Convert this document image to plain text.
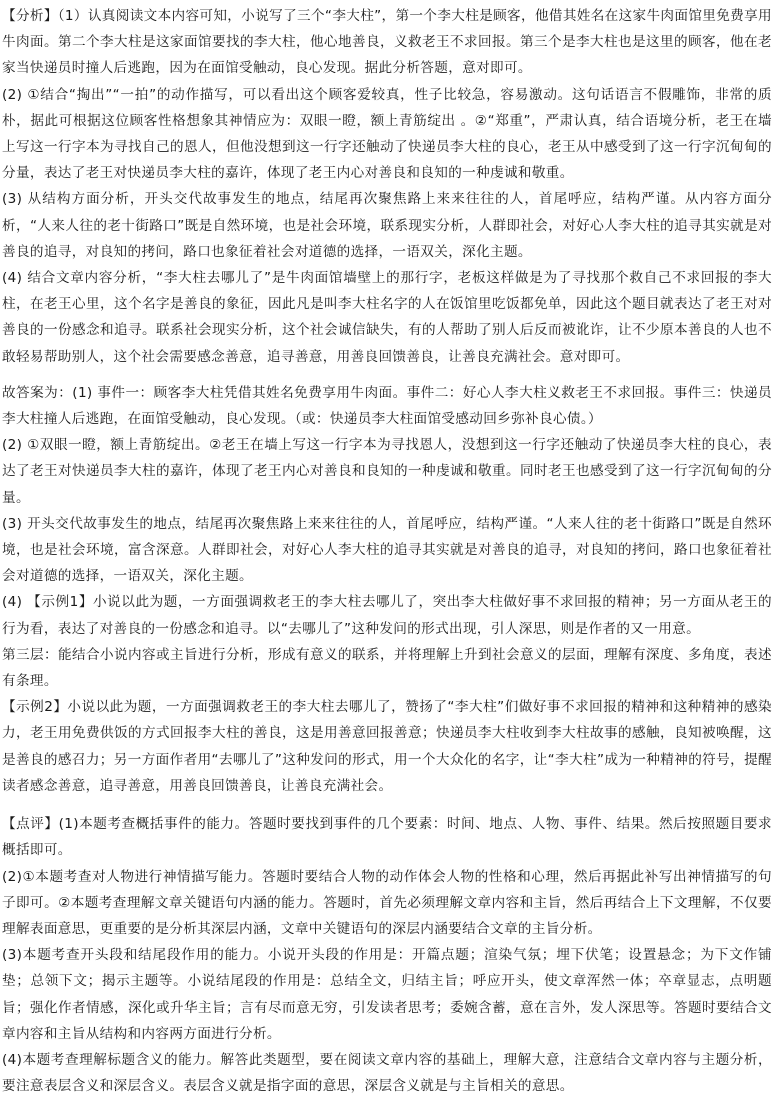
【分析】（1）认真阅读文本内容可知，小说写了三个“李大柱”，第一个李大柱是顾客，他借其姓名在这家牛肉面馆里免费享用牛肉面。第二个李大柱是这家面馆要找的李大柱，他心地善良，义救老王不求回报。第三个是李大柱也是这里的顾客，他在老家当快递员时撞人后逃跑，因为在面馆受触动，良心发现。据此分析答题，意对即可。

(2) ①结合“掏出”“一拍”的动作描写，可以看出这个顾客爱较真，性子比较急，容易激动。这句话语言不假雕饰，非常的质朴，据此可根据这位顾客性格想象其神情应为：双眼一瞪，额上青筋绽出 。②“郑重”，严肃认真，结合语境分析，老王在墙上写这一行字本为寻找自己的恩人，但他没想到这一行字还触动了快递员李大柱的良心，老王从中感受到了这一行字沉甸甸的分量，表达了老王对快递员李大柱的嘉许，体现了老王内心对善良和良知的一种虔诚和敬重。

(3) 从结构方面分析，开头交代故事发生的地点，结尾再次聚焦路上来来往往的人，首尾呼应，结构严谨。从内容方面分析，“人来人往的老十街路口”既是自然环境，也是社会环境，联系现实分析，人群即社会，对好心人李大柱的追寻其实就是对善良的追寻，对良知的拷问，路口也象征着社会对道德的选择，一语双关，深化主题。

(4) 结合文章内容分析，“李大柱去哪儿了”是牛肉面馆墙壁上的那行字，老板这样做是为了寻找那个救自己不求回报的李大柱，在老王心里，这个名字是善良的象征，因此凡是叫李大柱名字的人在饭馆里吃饭都免单，因此这个题目就表达了老王对对善良的一份感念和追寻。联系社会现实分析，这个社会诚信缺失，有的人帮助了别人后反而被讹诈，让不少原本善良的人也不敢轻易帮助别人，这个社会需要感念善意，追寻善意，用善良回馈善良，让善良充满社会。意对即可。

故答案为：(1) 事件一：顾客李大柱凭借其姓名免费享用牛肉面。事件二：好心人李大柱义救老王不求回报。事件三：快递员李大柱撞人后逃跑，在面馆受触动，良心发现。（或：快递员李大柱面馆受感动回乡弥补良心债。）

(2) ①双眼一瞪，额上青筋绽出。②老王在墙上写这一行字本为寻找恩人，没想到这一行字还触动了快递员李大柱的良心，表达了老王对快递员李大柱的嘉许，体现了老王内心对善良和良知的一种虔诚和敬重。同时老王也感受到了这一行字沉甸甸的分量。

(3) 开头交代故事发生的地点，结尾再次聚焦路上来来往往的人，首尾呼应，结构严谨。“人来人往的老十街路口”既是自然环境，也是社会环境，富含深意。人群即社会，对好心人李大柱的追寻其实就是对善良的追寻，对良知的拷问，路口也象征着社会对道德的选择，一语双关，深化主题。

(4) 【示例1】小说以此为题，一方面强调救老王的李大柱去哪儿了，突出李大柱做好事不求回报的精神；另一方面从老王的行为看，表达了对善良的一份感念和追寻。以“去哪儿了”这种发问的形式出现，引人深思，则是作者的又一用意。

第三层：能结合小说内容或主旨进行分析，形成有意义的联系，并将理解上升到社会意义的层面，理解有深度、多角度，表述有条理。

【示例2】小说以此为题，一方面强调救老王的李大柱去哪儿了，赞扬了“李大柱”们做好事不求回报的精神和这种精神的感染力，老王用免费供饭的方式回报李大柱的善良，这是用善意回报善意；快递员李大柱收到李大柱故事的感触，良知被唤醒，这是善良的感召力；另一方面作者用“去哪儿了”这种发问的形式，用一个大众化的名字，让“李大柱”成为一种精神的符号，提醒读者感念善意，追寻善意，用善良回馈善良，让善良充满社会。

【点评】(1)本题考查概括事件的能力。答题时要找到事件的几个要素：时间、地点、人物、事件、结果。然后按照题目要求概括即可。

(2)①本题考查对人物进行神情描写能力。答题时要结合人物的动作体会人物的性格和心理，然后再据此补写出神情描写的句子即可。②本题考查理解文章关键语句内涵的能力。答题时，首先必须理解文章内容和主旨，然后再结合上下文理解，不仅要理解表面意思，更重要的是分析其深层内涵，文章中关键语句的深层内涵要结合文章的主旨分析。

(3)本题考查开头段和结尾段作用的能力。小说开头段的作用是：开篇点题；渲染气氛；埋下伏笔；设置悬念；为下文作铺垫；总领下文；揭示主题等。小说结尾段的作用是：总结全文，归结主旨；呼应开头，使文章浑然一体；卒章显志，点明题旨；强化作者情感，深化或升华主旨；言有尽而意无穷，引发读者思考；委婉含蓄，意在言外，发人深思等。答题时要结合文章内容和主旨从结构和内容两方面进行分析。

(4)本题考查理解标题含义的能力。解答此类题型，要在阅读文章内容的基础上，理解大意，注意结合文章内容与主题分析，要注意表层含义和深层含义。表层含义就是指字面的意思，深层含义就是与主旨相关的意思。
